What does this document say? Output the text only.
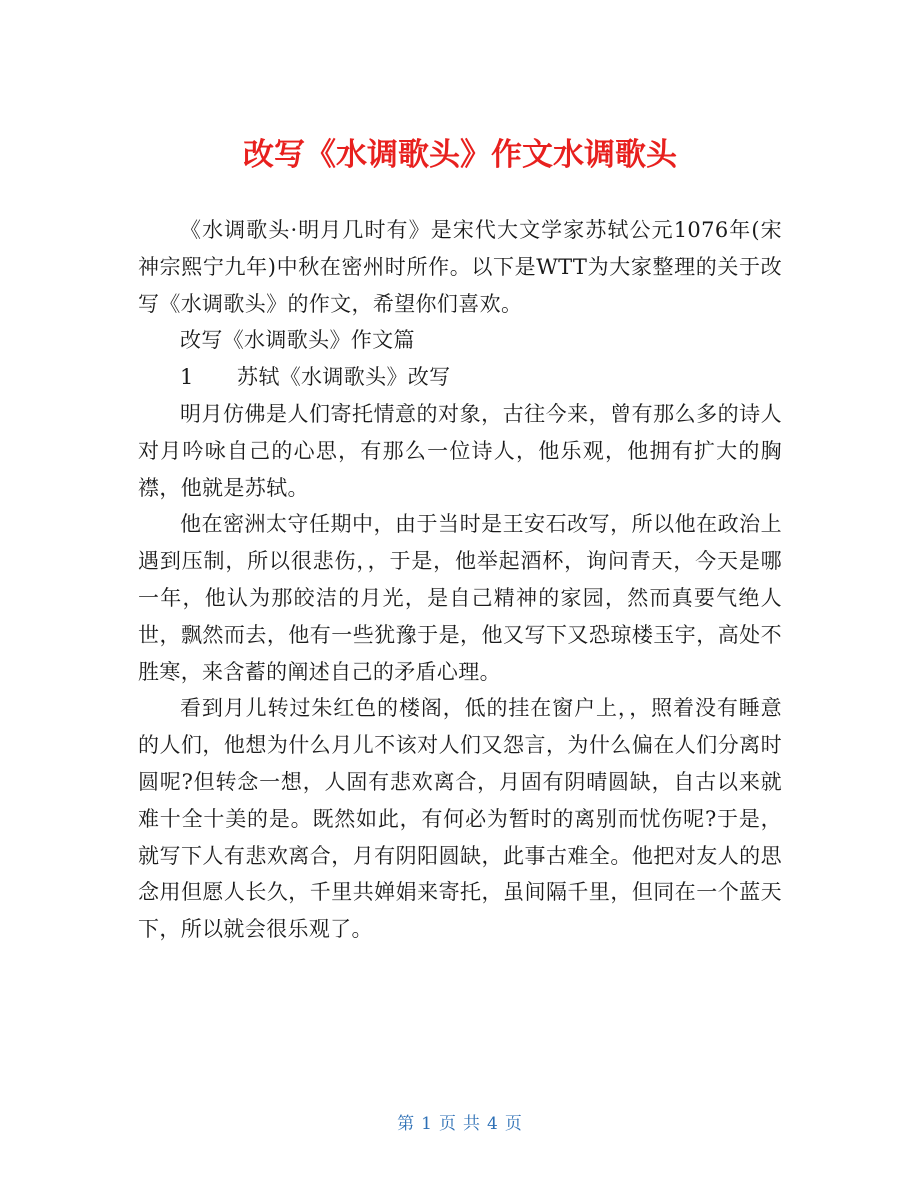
改写《水调歌头》作文水调歌头

《水调歌头·明月几时有》是宋代大文学家苏轼公元1076年(宋神宗熙宁九年)中秋在密州时所作。以下是WTT为大家整理的关于改写《水调歌头》的作文，希望你们喜欢。

改写《水调歌头》作文篇

1 苏轼《水调歌头》改写

明月仿佛是人们寄托情意的对象，古往今来，曾有那么多的诗人对月吟咏自己的心思，有那么一位诗人，他乐观，他拥有扩大的胸襟，他就是苏轼。

他在密洲太守任期中，由于当时是王安石改写，所以他在政治上遇到压制，所以很悲伤，，于是，他举起酒杯，询问青天，今天是哪一年，他认为那皎洁的月光，是自己精神的家园，然而真要气绝人世，飘然而去，他有一些犹豫于是，他又写下又恐琼楼玉宇，高处不胜寒，来含蓄的阐述自己的矛盾心理。

看到月儿转过朱红色的楼阁，低的挂在窗户上，，照着没有睡意的人们，他想为什么月儿不该对人们又怨言，为什么偏在人们分离时圆呢?但转念一想，人固有悲欢离合，月固有阴晴圆缺，自古以来就难十全十美的是。既然如此，有何必为暂时的离别而忧伤呢?于是，就写下人有悲欢离合，月有阴阳圆缺，此事古难全。他把对友人的思念用但愿人长久，千里共婵娟来寄托，虽间隔千里，但同在一个蓝天下，所以就会很乐观了。

第 1 页 共 4 页
